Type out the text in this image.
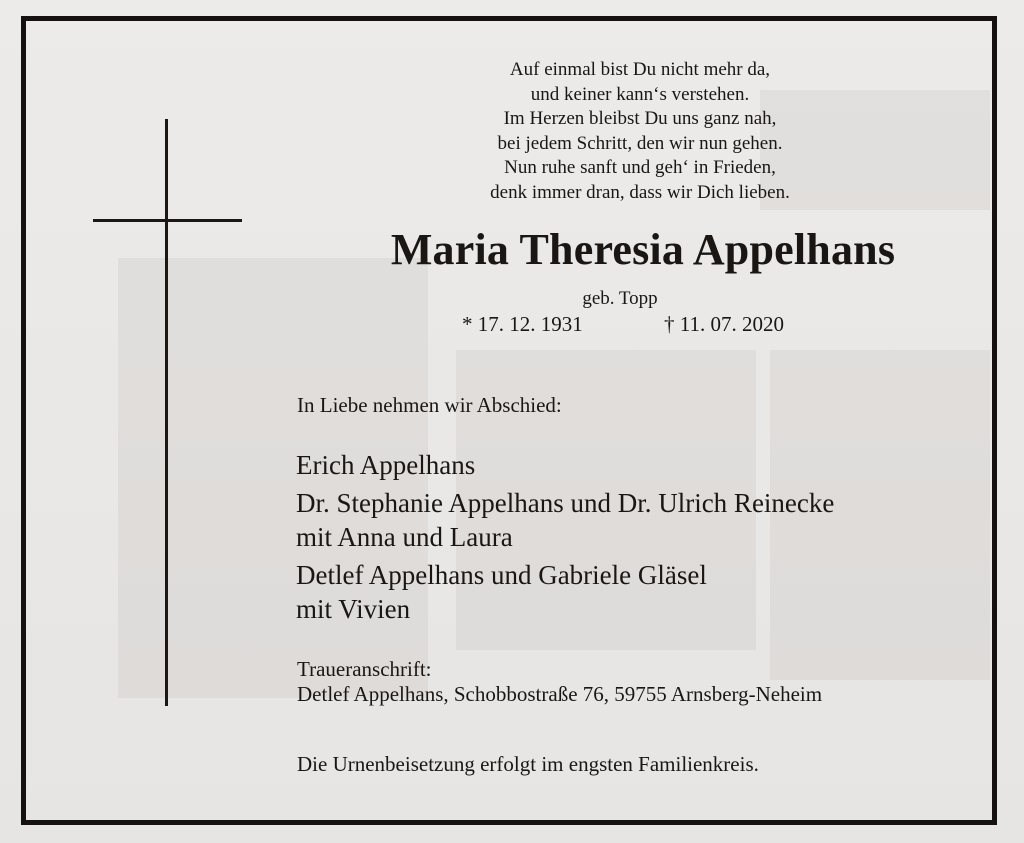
Auf einmal bist Du nicht mehr da,
und keiner kann‘s verstehen.
Im Herzen bleibst Du uns ganz nah,
bei jedem Schritt, den wir nun gehen.
Nun ruhe sanft und geh‘ in Frieden,
denk immer dran, dass wir Dich lieben.
Maria Theresia Appelhans
geb. Topp
* 17. 12. 1931	† 11. 07. 2020
In Liebe nehmen wir Abschied:
Erich Appelhans
Dr. Stephanie Appelhans und Dr. Ulrich Reinecke
mit Anna und Laura
Detlef Appelhans und Gabriele Gläsel
mit Vivien
Traueranschrift:
Detlef Appelhans, Schobbostraße 76, 59755 Arnsberg-Neheim
Die Urnenbeisetzung erfolgt im engsten Familienkreis.
